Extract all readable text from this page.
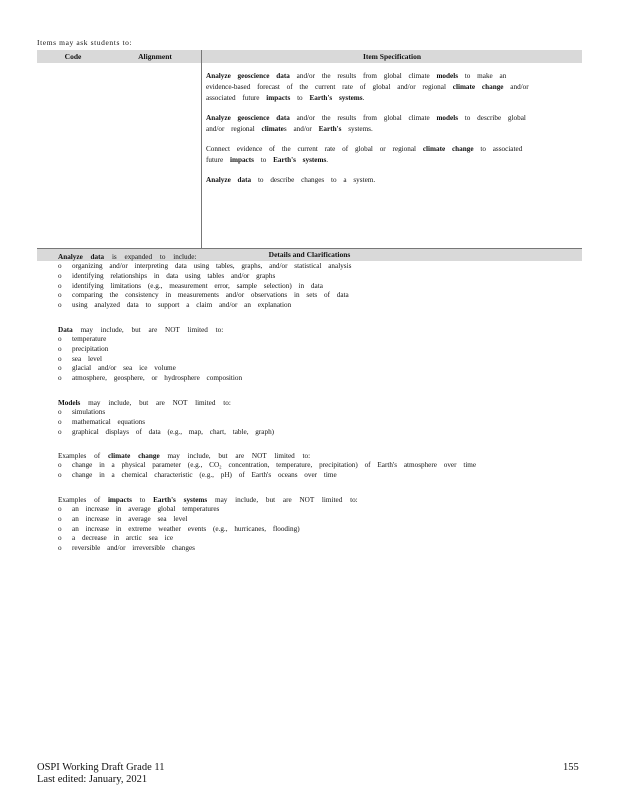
Items may ask students to:
Code	Alignment	Item Specification
Analyze geoscience data and/or the results from global climate models to make an evidence-based forecast of the current rate of global and/or regional climate change and/or associated future impacts to Earth's systems.
Analyze geoscience data and/or the results from global climate models to describe global and/or regional climates and/or Earth's systems.
Connect evidence of the current rate of global or regional climate change to associated future impacts to Earth's systems.
Analyze data to describe changes to a system.
Details and Clarifications
Analyze data is expanded to include:
o organizing and/or interpreting data using tables, graphs, and/or statistical analysis
o identifying relationships in data using tables and/or graphs
o identifying limitations (e.g., measurement error, sample selection) in data
o comparing the consistency in measurements and/or observations in sets of data
o using analyzed data to support a claim and/or an explanation
Data may include, but are NOT limited to:
o temperature
o precipitation
o sea level
o glacial and/or sea ice volume
o atmosphere, geosphere, or hydrosphere composition
Models may include, but are NOT limited to:
o simulations
o mathematical equations
o graphical displays of data (e.g., map, chart, table, graph)
Examples of climate change may include, but are NOT limited to:
o change in a physical parameter (e.g., CO₂ concentration, temperature, precipitation) of Earth's atmosphere over time
o change in a chemical characteristic (e.g., pH) of Earth's oceans over time
Examples of impacts to Earth's systems may include, but are NOT limited to:
o an increase in average global temperatures
o an increase in average sea level
o an increase in extreme weather events (e.g., hurricanes, flooding)
o a decrease in arctic sea ice
o reversible and/or irreversible changes
OSPI Working Draft Grade 11
Last edited: January, 2021
155
